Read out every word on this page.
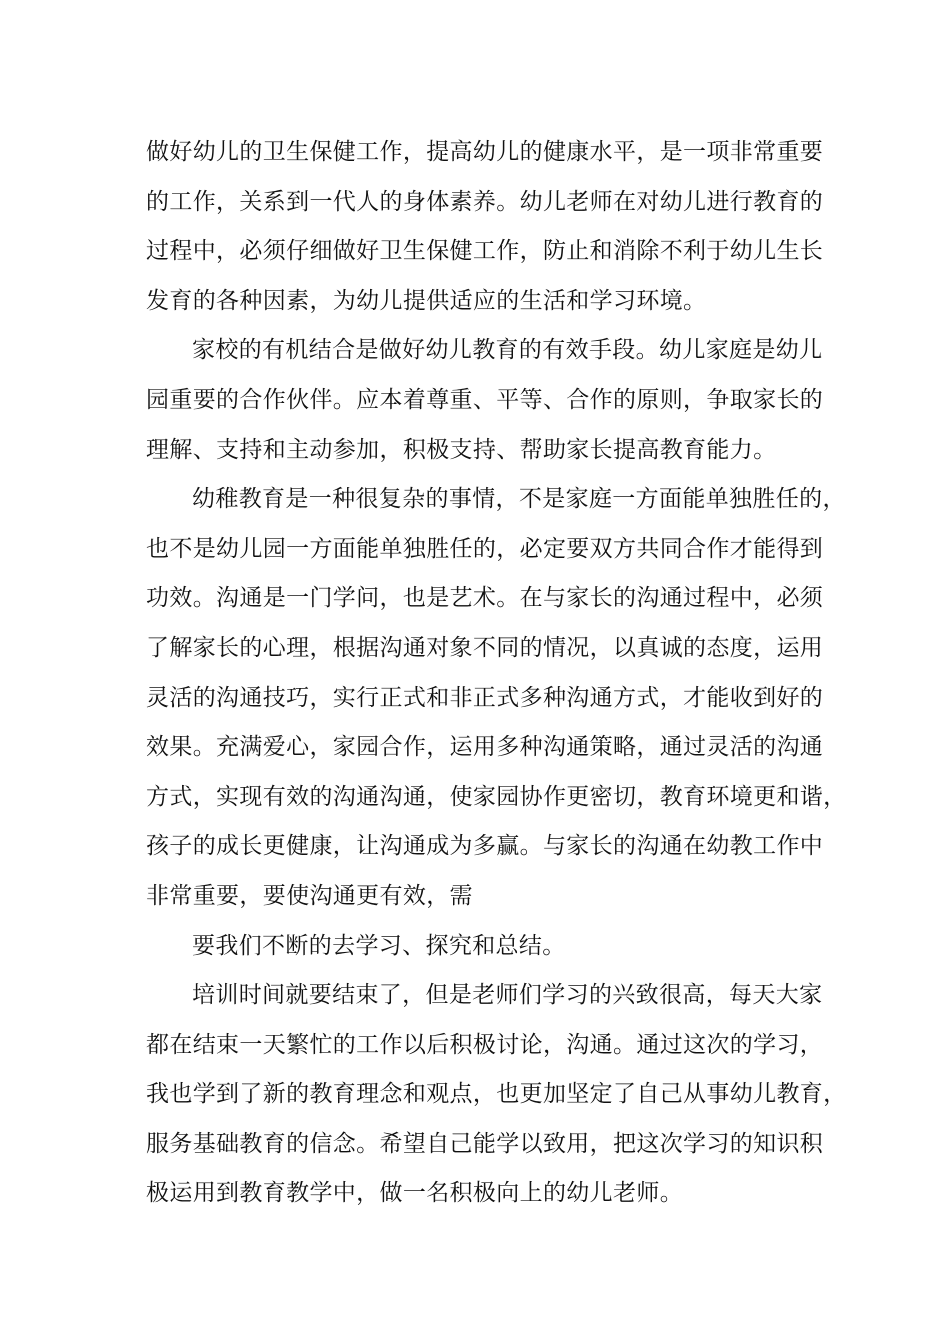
做好幼儿的卫生保健工作，提高幼儿的健康水平，是一项非常重要
的工作，关系到一代人的身体素养。幼儿老师在对幼儿进行教育的
过程中，必须仔细做好卫生保健工作，防止和消除不利于幼儿生长
发育的各种因素，为幼儿提供适应的生活和学习环境。
家校的有机结合是做好幼儿教育的有效手段。幼儿家庭是幼儿
园重要的合作伙伴。应本着尊重、平等、合作的原则，争取家长的
理解、支持和主动参加，积极支持、帮助家长提高教育能力。
幼稚教育是一种很复杂的事情，不是家庭一方面能单独胜任的，
也不是幼儿园一方面能单独胜任的，必定要双方共同合作才能得到
功效。沟通是一门学问，也是艺术。在与家长的沟通过程中，必须
了解家长的心理，根据沟通对象不同的情况，以真诚的态度，运用
灵活的沟通技巧，实行正式和非正式多种沟通方式，才能收到好的
效果。充满爱心，家园合作，运用多种沟通策略，通过灵活的沟通
方式，实现有效的沟通沟通，使家园协作更密切，教育环境更和谐，
孩子的成长更健康，让沟通成为多赢。与家长的沟通在幼教工作中
非常重要，要使沟通更有效，需
要我们不断的去学习、探究和总结。
培训时间就要结束了，但是老师们学习的兴致很高，每天大家
都在结束一天繁忙的工作以后积极讨论，沟通。通过这次的学习，
我也学到了新的教育理念和观点，也更加坚定了自己从事幼儿教育，
服务基础教育的信念。希望自己能学以致用，把这次学习的知识积
极运用到教育教学中，做一名积极向上的幼儿老师。
